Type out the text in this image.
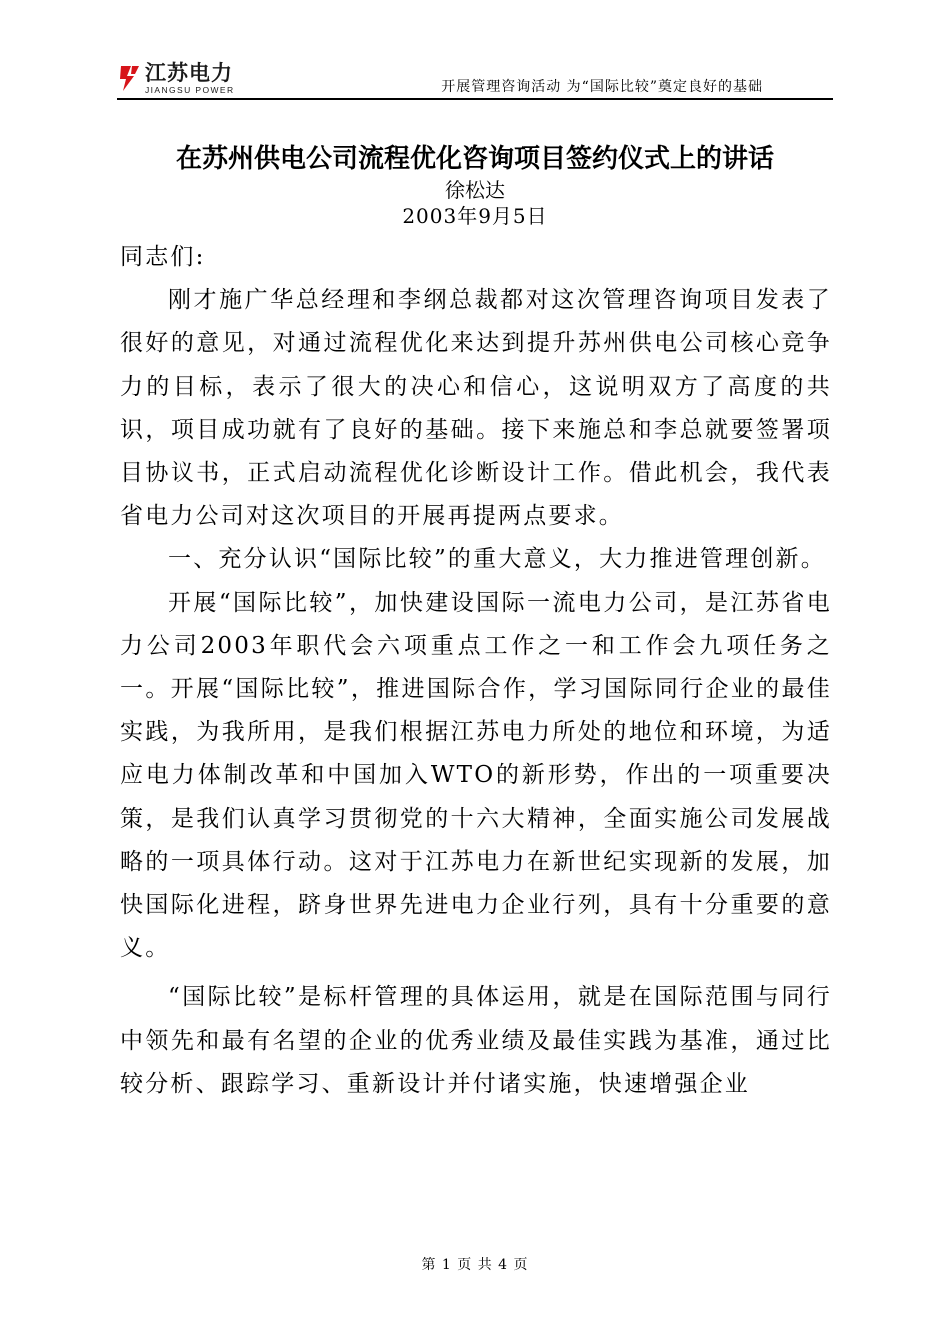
江苏电力
JIANGSU POWER	开展管理咨询活动 为“国际比较”奠定良好的基础
在苏州供电公司流程优化咨询项目签约仪式上的讲话
徐松达
2003年9月5日

同志们:

刚才施广华总经理和李纲总裁都对这次管理咨询项目发表了很好的意见，对通过流程优化来达到提升苏州供电公司核心竞争力的目标，表示了很大的决心和信心，这说明双方了高度的共识，项目成功就有了良好的基础。接下来施总和李总就要签署项目协议书，正式启动流程优化诊断设计工作。借此机会，我代表省电力公司对这次项目的开展再提两点要求。

一、充分认识“国际比较”的重大意义，大力推进管理创新。

开展“国际比较”，加快建设国际一流电力公司，是江苏省电力公司2003年职代会六项重点工作之一和工作会九项任务之一。开展“国际比较”，推进国际合作，学习国际同行企业的最佳实践，为我所用，是我们根据江苏电力所处的地位和环境，为适应电力体制改革和中国加入WTO的新形势，作出的一项重要决策，是我们认真学习贯彻党的十六大精神，全面实施公司发展战略的一项具体行动。这对于江苏电力在新世纪实现新的发展，加快国际化进程，跻身世界先进电力企业行列，具有十分重要的意义。

“国际比较”是标杆管理的具体运用，就是在国际范围与同行中领先和最有名望的企业的优秀业绩及最佳实践为基准，通过比较分析、跟踪学习、重新设计并付诸实施，快速增强企业

第 1 页 共 4 页
